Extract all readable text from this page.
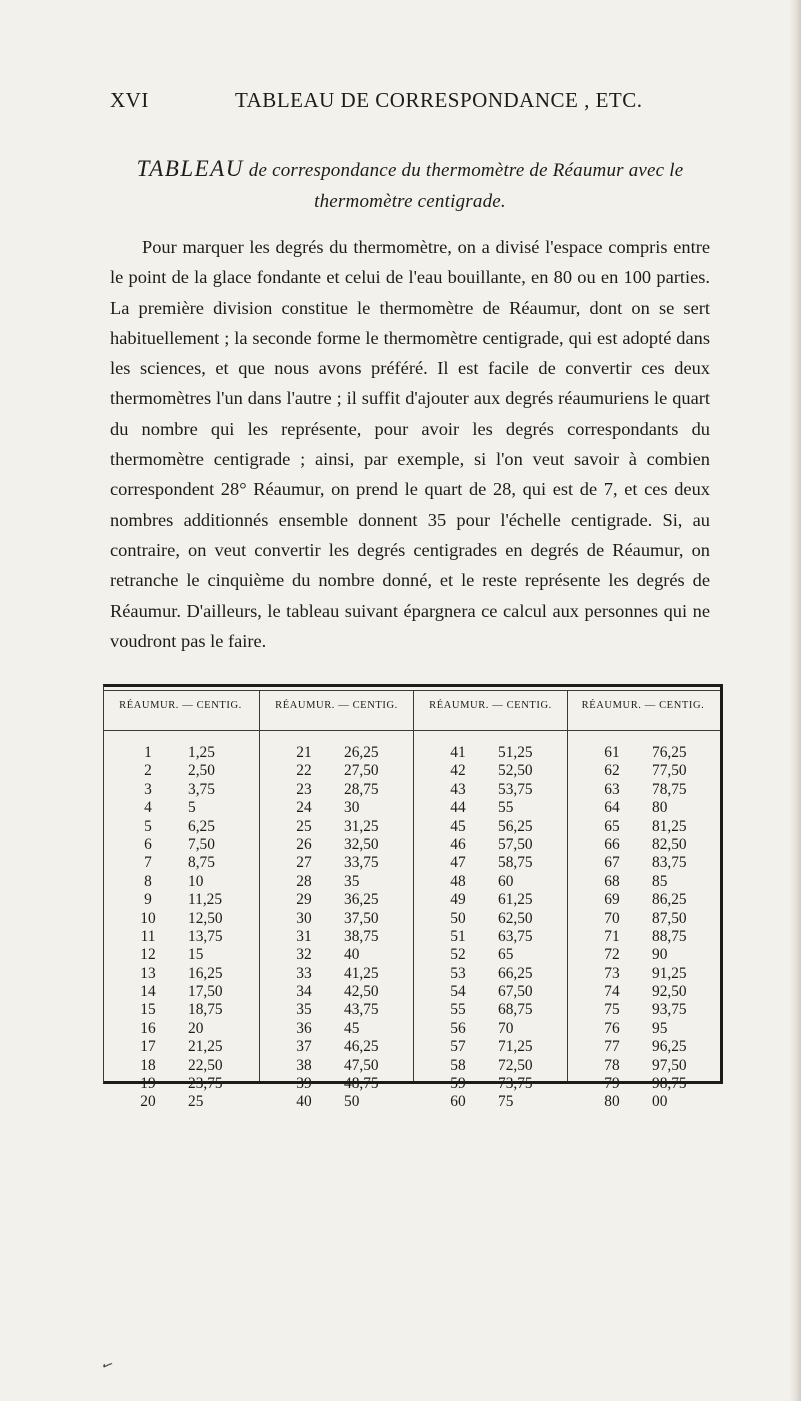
XVI	TABLEAU DE CORRESPONDANCE , ETC.
TABLEAU de correspondance du thermomètre de Réaumur avec le
thermomètre centigrade.

Pour marquer les degrés du thermomètre, on a divisé l'espace compris entre le point de la glace fondante et celui de l'eau bouillante, en 80 ou en 100 parties. La première division constitue le thermomètre de Réaumur, dont on se sert habituellement ; la seconde forme le thermomètre centigrade, qui est adopté dans les sciences, et que nous avons préféré. Il est facile de convertir ces deux thermomètres l'un dans l'autre ; il suffit d'ajouter aux degrés réaumuriens le quart du nombre qui les représente, pour avoir les degrés correspondants du thermomètre centigrade ; ainsi, par exemple, si l'on veut savoir à combien correspondent 28° Réaumur, on prend le quart de 28, qui est de 7, et ces deux nombres additionnés ensemble donnent 35 pour l'échelle centigrade. Si, au contraire, on veut convertir les degrés centigrades en degrés de Réaumur, on retranche le cinquième du nombre donné, et le reste représente les degrés de Réaumur. D'ailleurs, le tableau suivant épargnera ce calcul aux personnes qui ne voudront pas le faire.

RÉAUMUR. — CENTIG.
1	1,25
2	2,50
3	3,75
4	5
5	6,25
6	7,50
7	8,75
8	10
9	11,25
10	12,50
11	13,75
12	15
13	16,25
14	17,50
15	18,75
16	20
17	21,25
18	22,50
19	23,75
20	25
RÉAUMUR. — CENTIG.
21	26,25
22	27,50
23	28,75
24	30
25	31,25
26	32,50
27	33,75
28	35
29	36,25
30	37,50
31	38,75
32	40
33	41,25
34	42,50
35	43,75
36	45
37	46,25
38	47,50
39	48,75
40	50
RÉAUMUR. — CENTIG.
41	51,25
42	52,50
43	53,75
44	55
45	56,25
46	57,50
47	58,75
48	60
49	61,25
50	62,50
51	63,75
52	65
53	66,25
54	67,50
55	68,75
56	70
57	71,25
58	72,50
59	73,75
60	75
RÉAUMUR. — CENTIG.
61	76,25
62	77,50
63	78,75
64	80
65	81,25
66	82,50
67	83,75
68	85
69	86,25
70	87,50
71	88,75
72	90
73	91,25
74	92,50
75	93,75
76	95
77	96,25
78	97,50
79	98,75
80	00
✓
